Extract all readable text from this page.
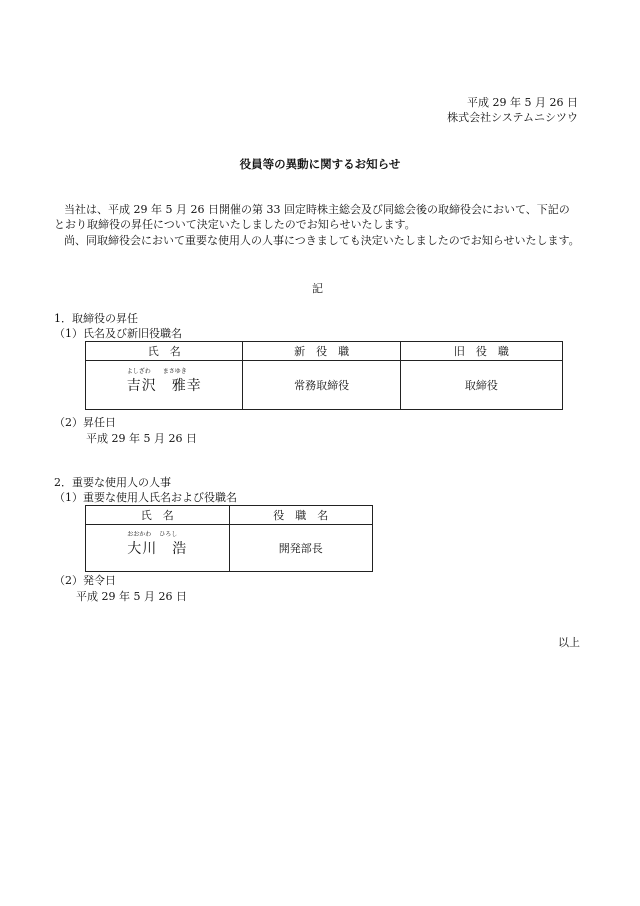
平成 29 年 5 月 26 日
株式会社システムニシツウ
役員等の異動に関するお知らせ
当社は、平成 29 年 5 月 26 日開催の第 33 回定時株主総会及び同総会後の取締役会において、下記の
とおり取締役の昇任について決定いたしましたのでお知らせいたします。
尚、同取締役会において重要な使用人の人事につきましても決定いたしましたのでお知らせいたします。
記
1．取締役の昇任
（1）氏名及び新旧役職名
氏　名	新　役　職	旧　役　職

よしざわ まさゆき
吉沢　雅幸	常務取締役	取締役
（2）昇任日
平成 29 年 5 月 26 日
2．重要な使用人の人事
（1）重要な使用人氏名および役職名
氏　名	役　職　名

おおかわ ひろし
大川　浩	開発部長
（2）発令日
平成 29 年 5 月 26 日
以上
